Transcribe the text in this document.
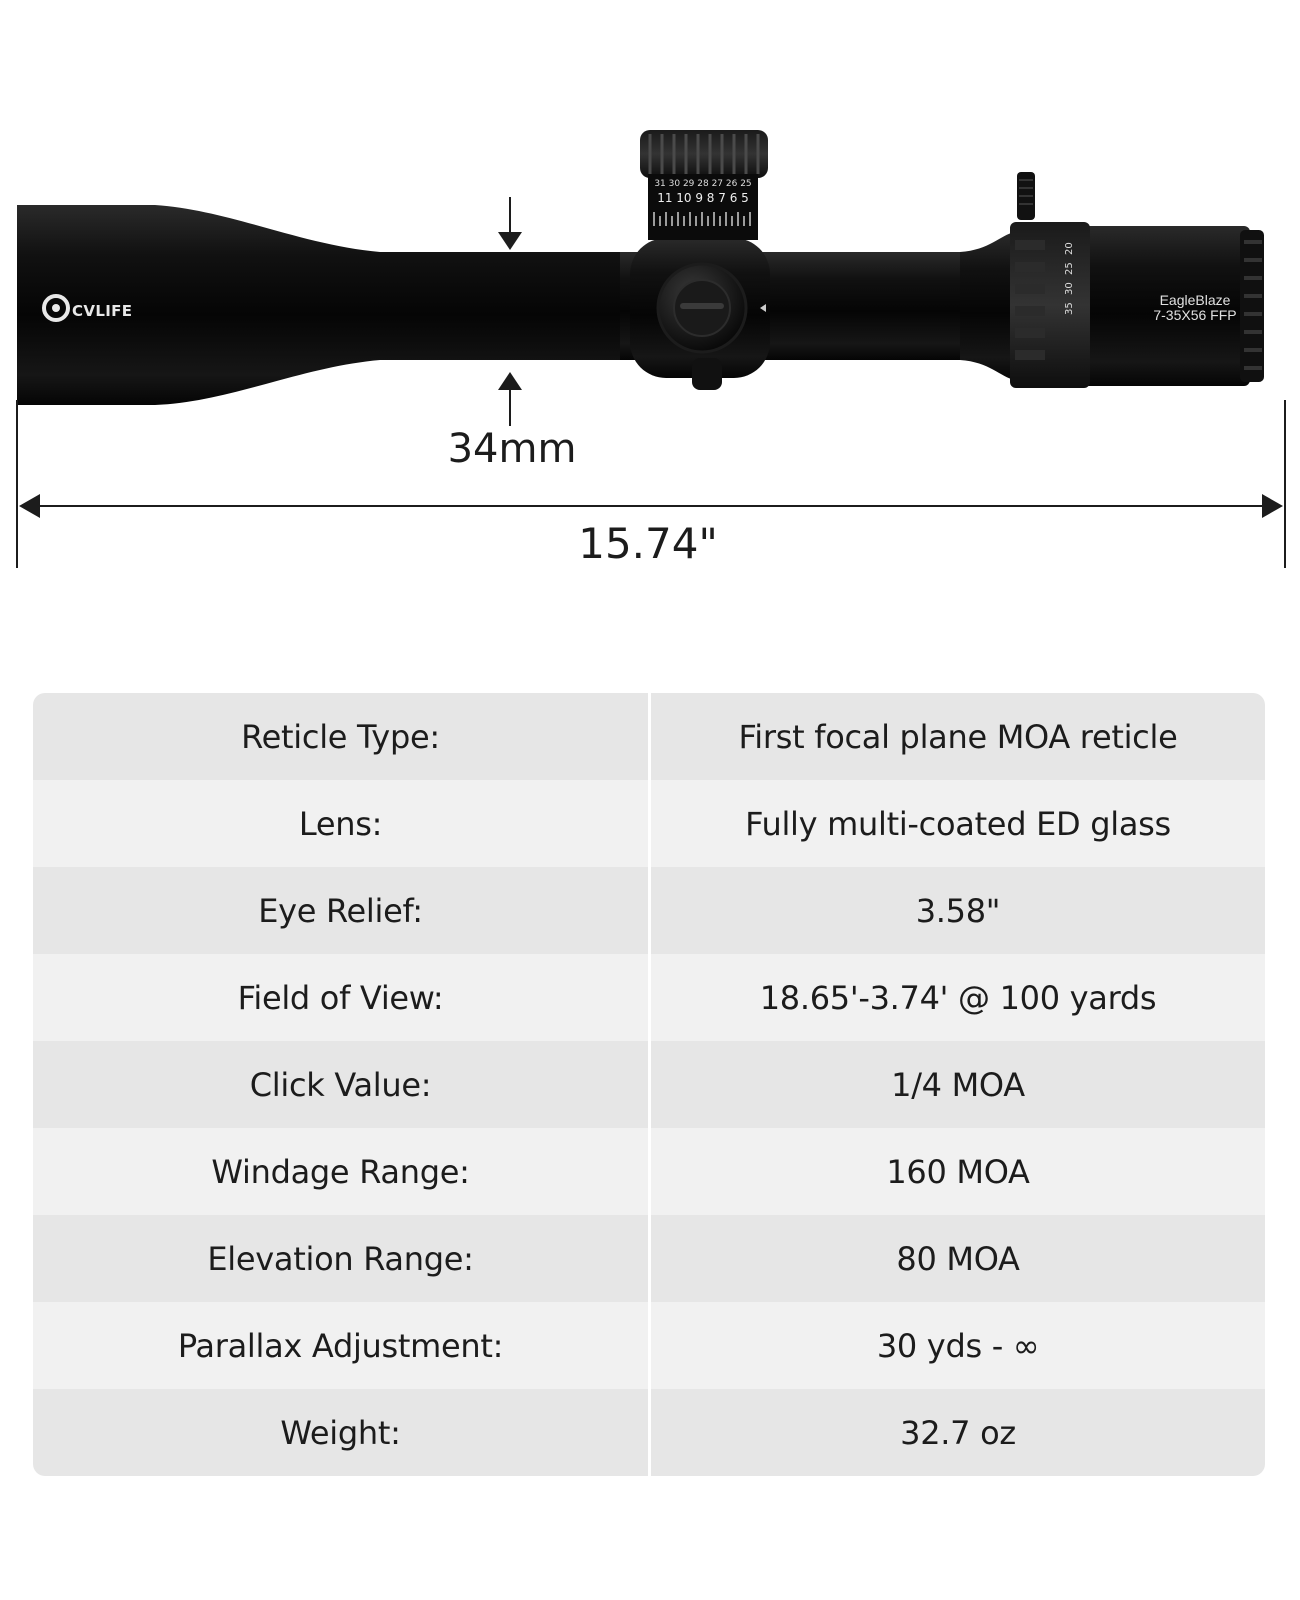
35
30
25
20
EagleBlaze
7-35X56 FFP
CVLIFE
31 30 29 28 27 26 25
11 10 9 8 7 6 5
34mm
15.74"
Reticle Type:	First focal plane MOA reticle
Lens:	Fully multi-coated ED glass
Eye Relief:	3.58"
Field of View:	18.65'-3.74' @ 100 yards
Click Value:	1/4 MOA
Windage Range:	160 MOA
Elevation Range:	80 MOA
Parallax Adjustment:	30 yds - ∞
Weight:	32.7 oz
